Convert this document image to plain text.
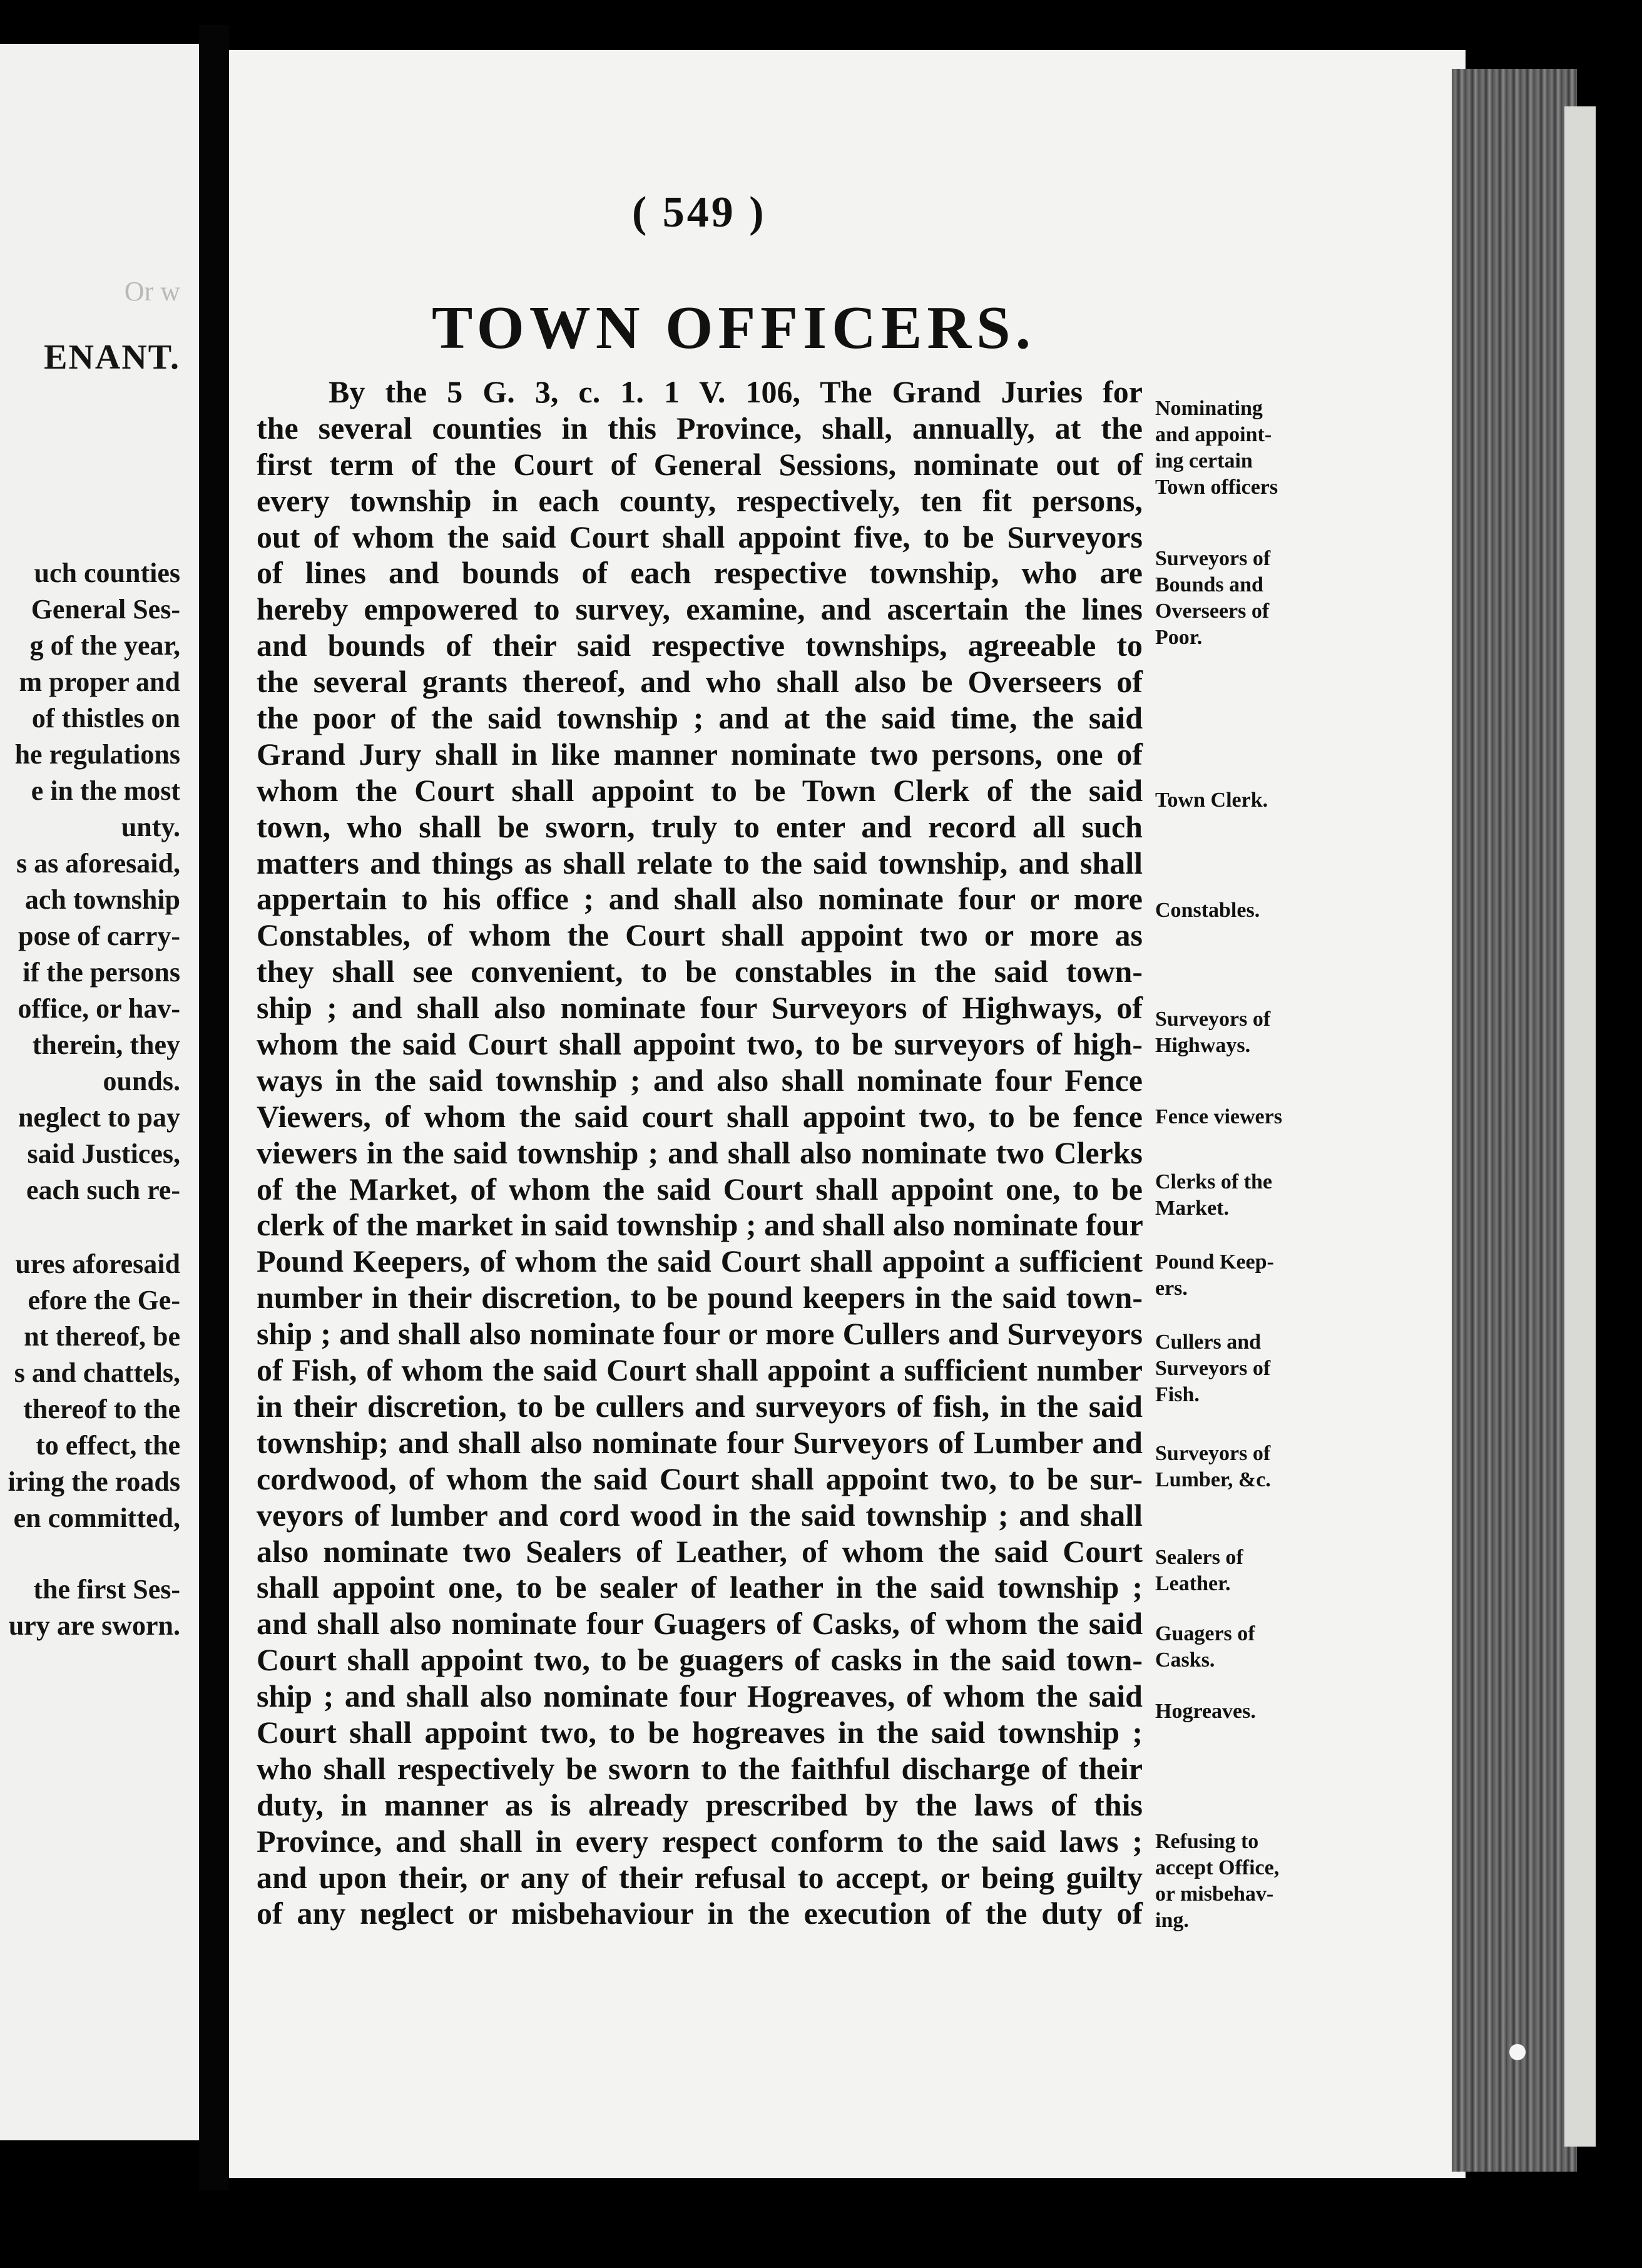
Or w
ENANT.
uch counties
General Ses-
g of the year,
m proper and
of thistles on
he regulations
e in the most
unty.
s as aforesaid,
ach township
pose of carry-
if the persons
office, or hav-
therein, they
ounds.
neglect to pay
said Justices,
each such re-
ures aforesaid
efore the Ge-
nt thereof, be
s and chattels,
thereof to the
to effect, the
iring the roads
en committed,
the first Ses-
ury are sworn.
( 549 )
TOWN OFFICERS.
By the 5 G. 3, c. 1. 1 V. 106, The Grand Juries for
the several counties in this Province, shall, annually, at the
first term of the Court of General Sessions, nominate out of
every township in each county, respectively, ten fit persons,
out of whom the said Court shall appoint five, to be Surveyors
of lines and bounds of each respective township, who are
hereby empowered to survey, examine, and ascertain the lines
and bounds of their said respective townships, agreeable to
the several grants thereof, and who shall also be Overseers of
the poor of the said township ; and at the said time, the said
Grand Jury shall in like manner nominate two persons, one of
whom the Court shall appoint to be Town Clerk of the said
town, who shall be sworn, truly to enter and record all such
matters and things as shall relate to the said township, and shall
appertain to his office ; and shall also nominate four or more
Constables, of whom the Court shall appoint two or more as
they shall see convenient, to be constables in the said town-
ship ; and shall also nominate four Surveyors of Highways, of
whom the said Court shall appoint two, to be surveyors of high-
ways in the said township ; and also shall nominate four Fence
Viewers, of whom the said court shall appoint two, to be fence
viewers in the said township ; and shall also nominate two Clerks
of the Market, of whom the said Court shall appoint one, to be
clerk of the market in said township ; and shall also nominate four
Pound Keepers, of whom the said Court shall appoint a sufficient
number in their discretion, to be pound keepers in the said town-
ship ; and shall also nominate four or more Cullers and Surveyors
of Fish, of whom the said Court shall appoint a sufficient number
in their discretion, to be cullers and surveyors of fish, in the said
township; and shall also nominate four Surveyors of Lumber and
cordwood, of whom the said Court shall appoint two, to be sur-
veyors of lumber and cord wood in the said township ; and shall
also nominate two Sealers of Leather, of whom the said Court
shall appoint one, to be sealer of leather in the said township ;
and shall also nominate four Guagers of Casks, of whom the said
Court shall appoint two, to be guagers of casks in the said town-
ship ; and shall also nominate four Hogreaves, of whom the said
Court shall appoint two, to be hogreaves in the said township ;
who shall respectively be sworn to the faithful discharge of their
duty, in manner as is already prescribed by the laws of this
Province, and shall in every respect conform to the said laws ;
and upon their, or any of their refusal to accept, or being guilty
of any neglect or misbehaviour in the execution of the duty of
Nominating
and appoint-
ing certain
Town officers
Surveyors of
Bounds and
Overseers of
Poor.
Town Clerk.
Constables.
Surveyors of
Highways.
Fence viewers
Clerks of the
Market.
Pound Keep-
ers.
Cullers and
Surveyors of
Fish.
Surveyors of
Lumber, &c.
Sealers of
Leather.
Guagers of
Casks.
Hogreaves.
Refusing to
accept Office,
or misbehav-
ing.
